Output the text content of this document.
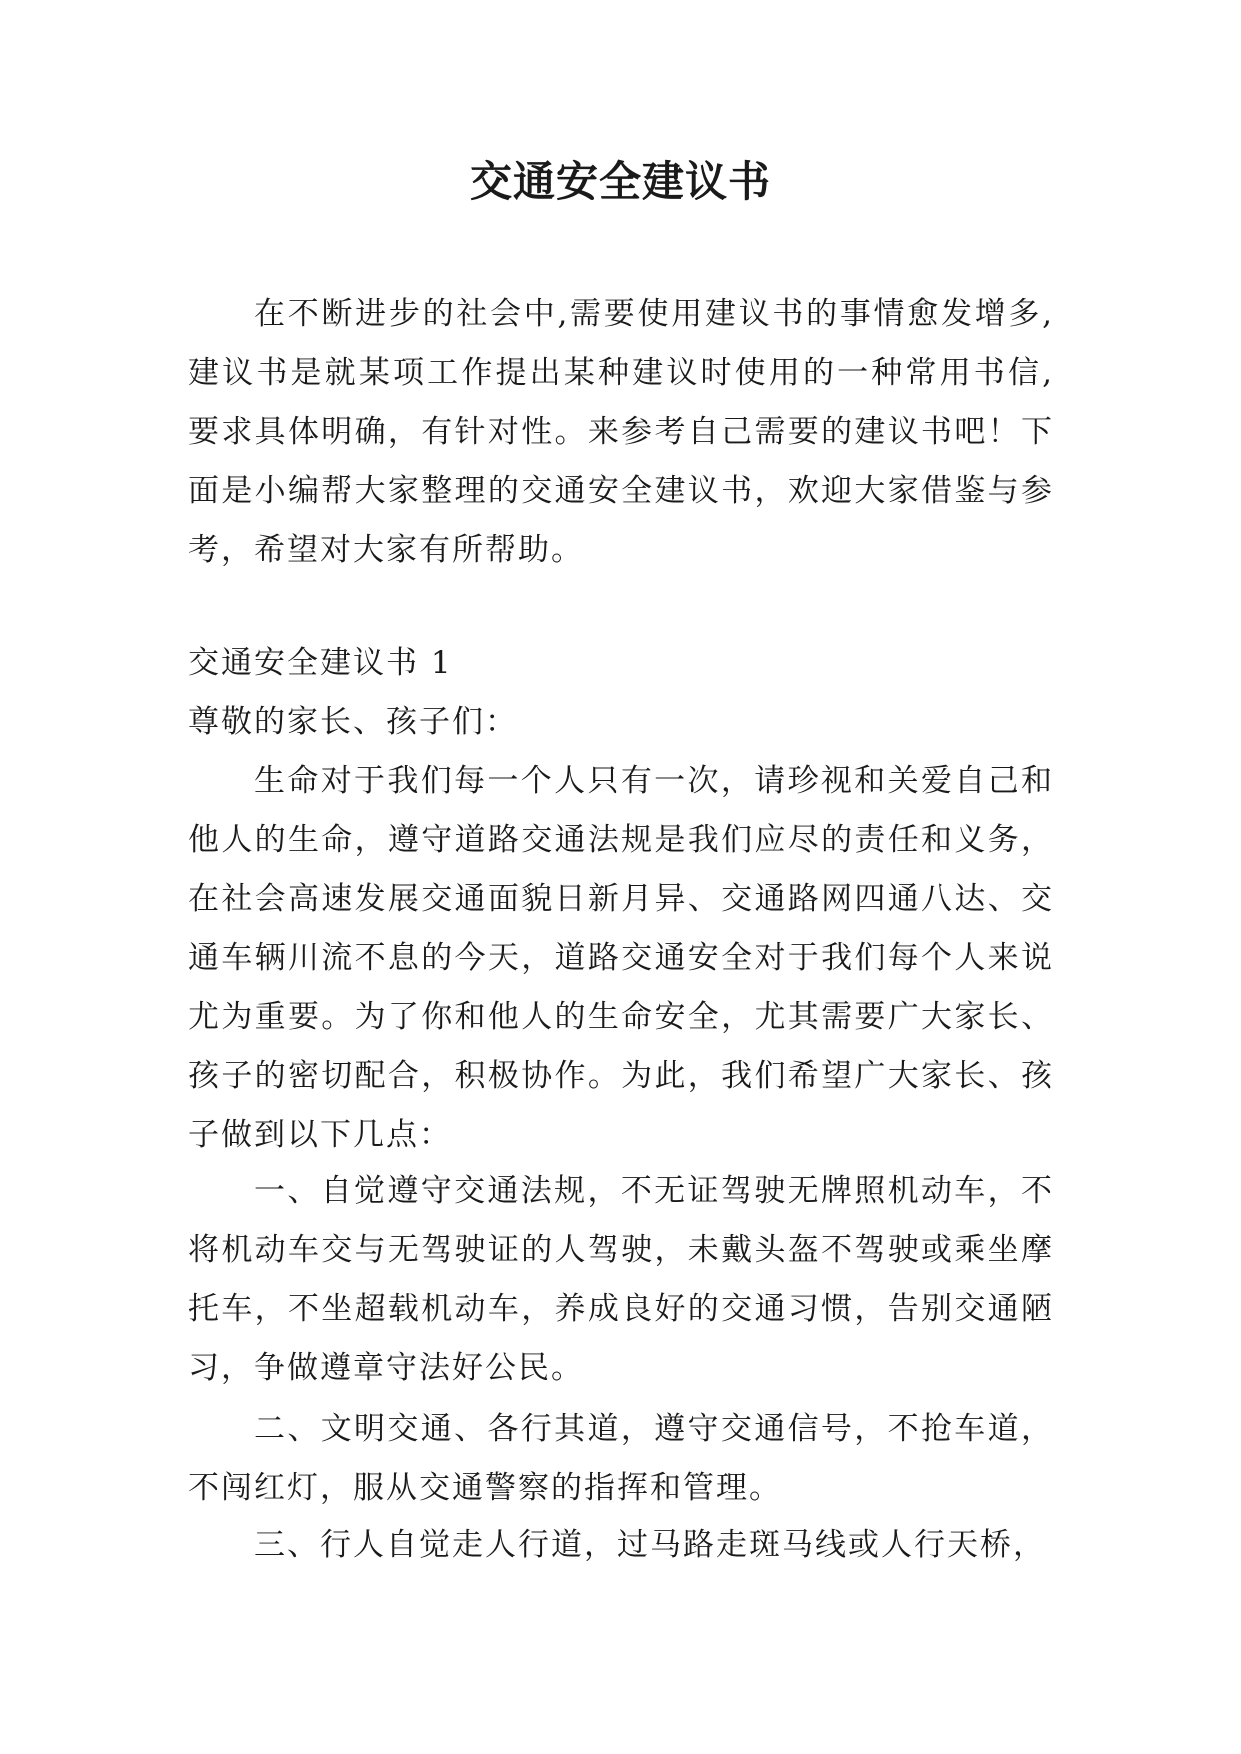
交通安全建议书

在不断进步的社会中,需要使用建议书的事情愈发增多,建议书是就某项工作提出某种建议时使用的一种常用书信,要求具体明确，有针对性。来参考自己需要的建议书吧！下面是小编帮大家整理的交通安全建议书，欢迎大家借鉴与参考，希望对大家有所帮助。

交通安全建议书 1

尊敬的家长、孩子们：

生命对于我们每一个人只有一次，请珍视和关爱自己和他人的生命，遵守道路交通法规是我们应尽的责任和义务，在社会高速发展交通面貌日新月异、交通路网四通八达、交通车辆川流不息的今天，道路交通安全对于我们每个人来说尤为重要。为了你和他人的生命安全，尤其需要广大家长、孩子的密切配合，积极协作。为此，我们希望广大家长、孩子做到以下几点：

一、自觉遵守交通法规，不无证驾驶无牌照机动车，不将机动车交与无驾驶证的人驾驶，未戴头盔不驾驶或乘坐摩托车，不坐超载机动车，养成良好的交通习惯，告别交通陋习，争做遵章守法好公民。

二、文明交通、各行其道，遵守交通信号，不抢车道，不闯红灯，服从交通警察的指挥和管理。

三、行人自觉走人行道，过马路走斑马线或人行天桥，
